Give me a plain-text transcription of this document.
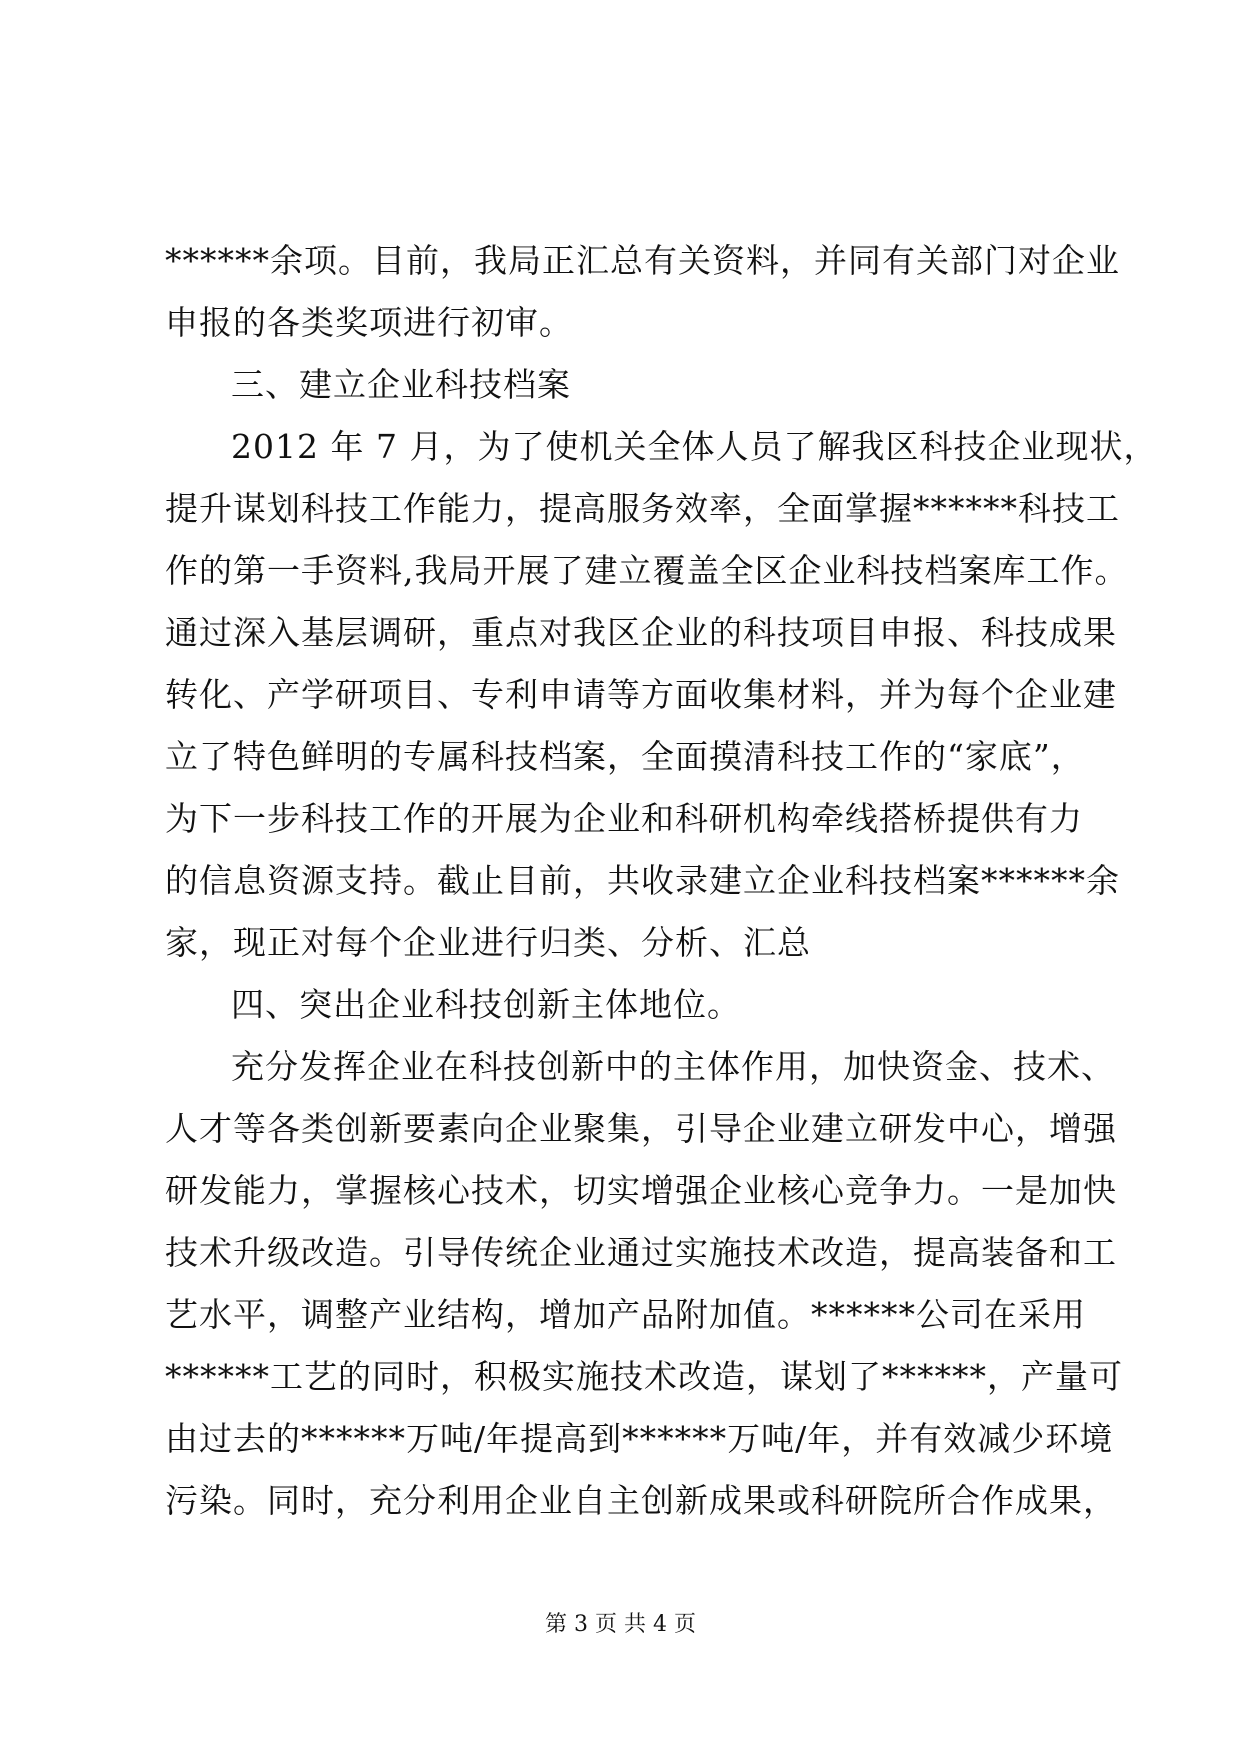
******余项。目前，我局正汇总有关资料，并同有关部门对企业
申报的各类奖项进行初审。
三、建立企业科技档案
2012 年 7 月，为了使机关全体人员了解我区科技企业现状，
提升谋划科技工作能力，提高服务效率，全面掌握******科技工
作的第一手资料,我局开展了建立覆盖全区企业科技档案库工作。
通过深入基层调研，重点对我区企业的科技项目申报、科技成果
转化、产学研项目、专利申请等方面收集材料，并为每个企业建
立了特色鲜明的专属科技档案，全面摸清科技工作的“家底”，
为下一步科技工作的开展为企业和科研机构牵线搭桥提供有力
的信息资源支持。截止目前，共收录建立企业科技档案******余
家，现正对每个企业进行归类、分析、汇总
四、突出企业科技创新主体地位。
充分发挥企业在科技创新中的主体作用，加快资金、技术、
人才等各类创新要素向企业聚集，引导企业建立研发中心，增强
研发能力，掌握核心技术，切实增强企业核心竞争力。一是加快
技术升级改造。引导传统企业通过实施技术改造，提高装备和工
艺水平，调整产业结构，增加产品附加值。******公司在采用
******工艺的同时，积极实施技术改造，谋划了******，产量可
由过去的******万吨/年提高到******万吨/年，并有效减少环境
污染。同时，充分利用企业自主创新成果或科研院所合作成果，
第 3 页 共 4 页
